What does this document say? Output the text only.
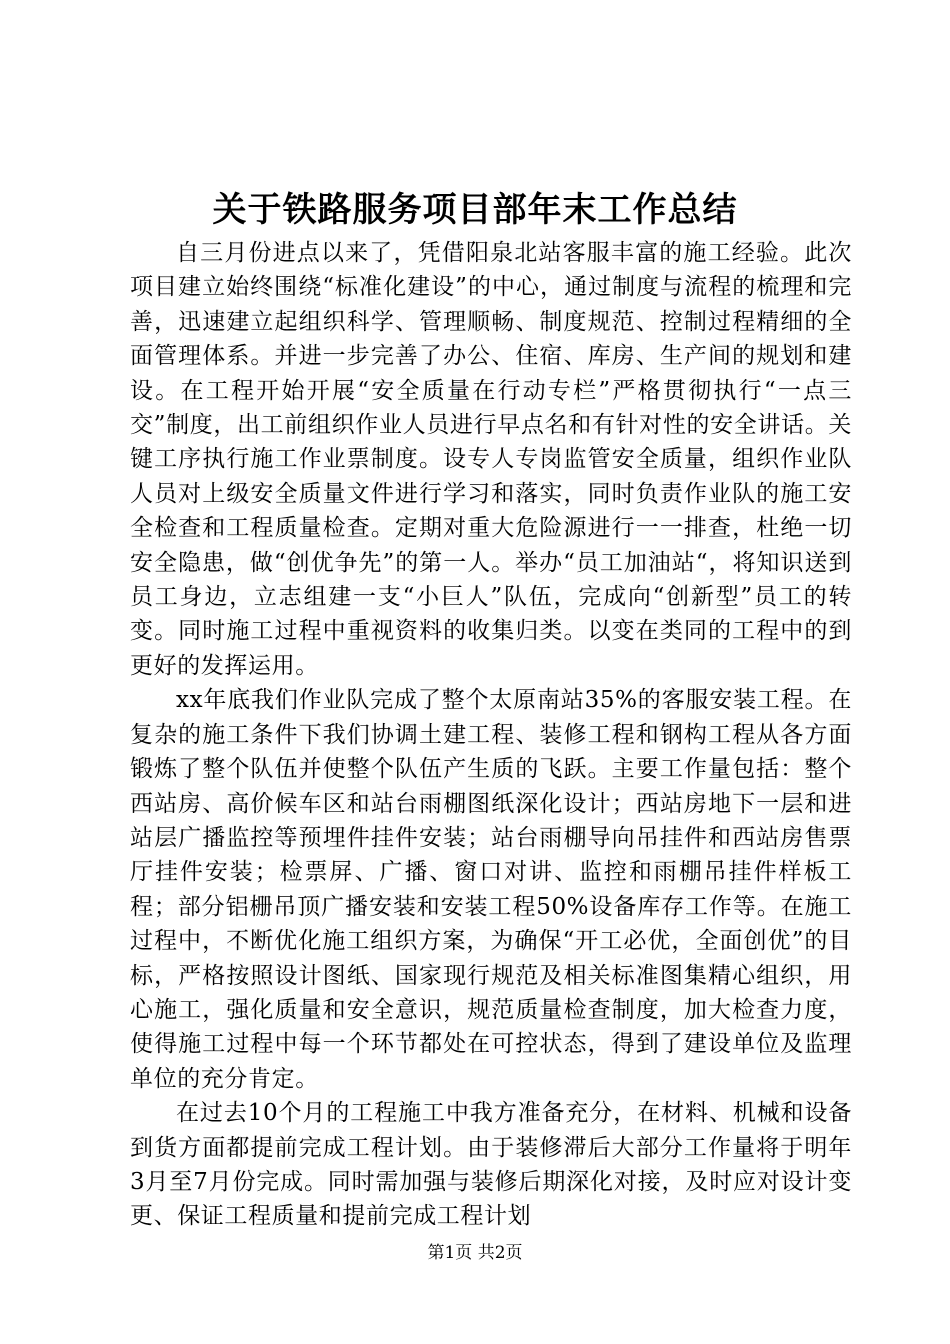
关于铁路服务项目部年末工作总结

自三月份进点以来了，凭借阳泉北站客服丰富的施工经验。此次项目建立始终围绕“标准化建设”的中心，通过制度与流程的梳理和完善，迅速建立起组织科学、管理顺畅、制度规范、控制过程精细的全面管理体系。并进一步完善了办公、住宿、库房、生产间的规划和建设。在工程开始开展“安全质量在行动专栏”严格贯彻执行“一点三交”制度，出工前组织作业人员进行早点名和有针对性的安全讲话。关键工序执行施工作业票制度。设专人专岗监管安全质量，组织作业队人员对上级安全质量文件进行学习和落实，同时负责作业队的施工安全检查和工程质量检查。定期对重大危险源进行一一排查，杜绝一切安全隐患，做“创优争先”的第一人。举办“员工加油站“，将知识送到员工身边，立志组建一支“小巨人”队伍，完成向“创新型”员工的转变。同时施工过程中重视资料的收集归类。以变在类同的工程中的到更好的发挥运用。

xx年底我们作业队完成了整个太原南站35%的客服安装工程。在复杂的施工条件下我们协调土建工程、装修工程和钢构工程从各方面锻炼了整个队伍并使整个队伍产生质的飞跃。主要工作量包括：整个西站房、高价候车区和站台雨棚图纸深化设计；西站房地下一层和进站层广播监控等预埋件挂件安装；站台雨棚导向吊挂件和西站房售票厅挂件安装；检票屏、广播、窗口对讲、监控和雨棚吊挂件样板工程；部分铝栅吊顶广播安装和安装工程50%设备库存工作等。在施工过程中，不断优化施工组织方案，为确保“开工必优，全面创优”的目标，严格按照设计图纸、国家现行规范及相关标准图集精心组织，用心施工，强化质量和安全意识，规范质量检查制度，加大检查力度，使得施工过程中每一个环节都处在可控状态，得到了建设单位及监理单位的充分肯定。

在过去10个月的工程施工中我方准备充分，在材料、机械和设备到货方面都提前完成工程计划。由于装修滞后大部分工作量将于明年3月至7月份完成。同时需加强与装修后期深化对接，及时应对设计变更、保证工程质量和提前完成工程计划

第1页 共2页
